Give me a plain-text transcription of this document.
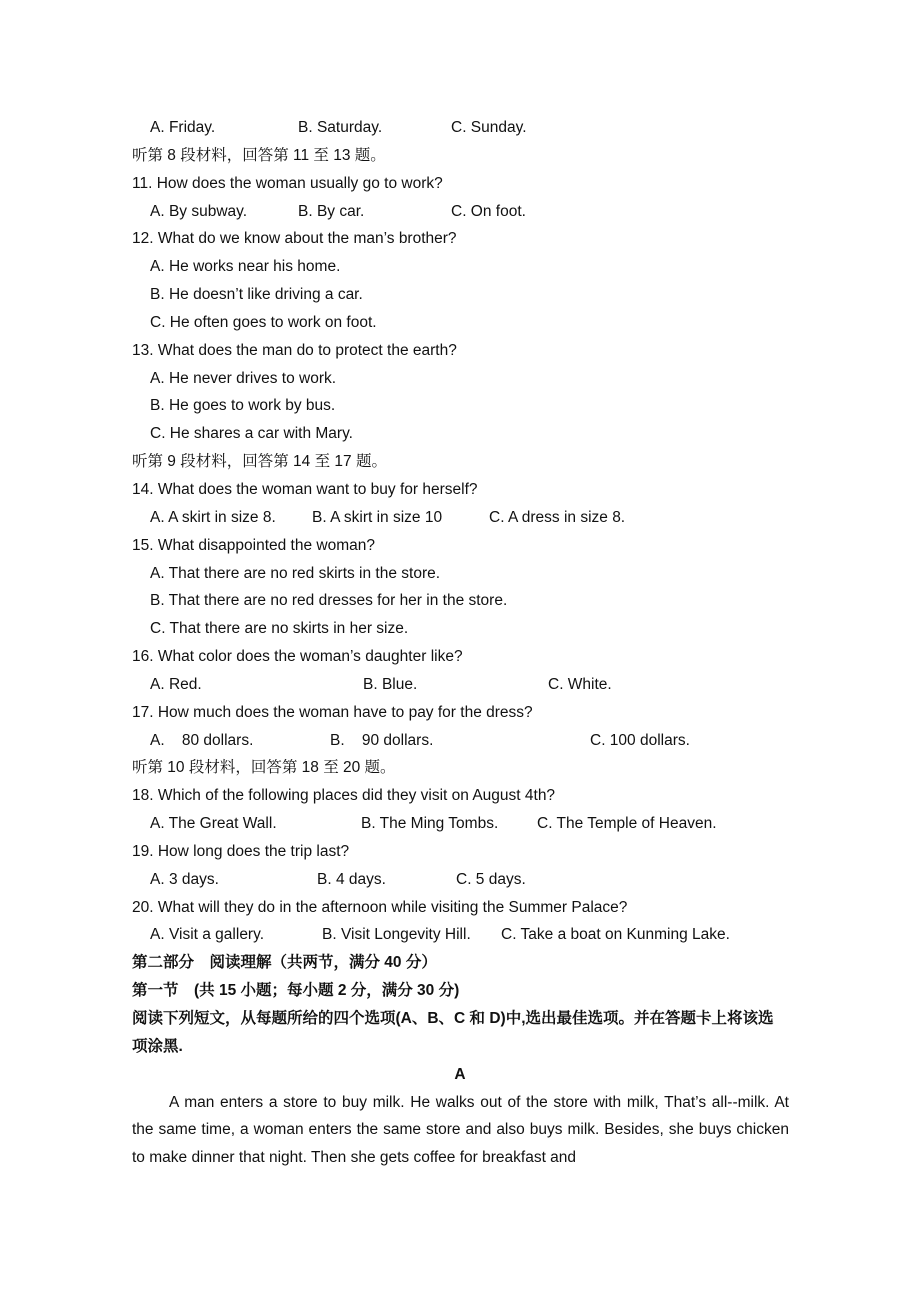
A. Friday.	B. Saturday.	C. Sunday.
听第 8 段材料，回答第 11 至 13 题。
11. How does the woman usually go to work?
A. By subway.	B. By car.	C. On foot.
12. What do we know about the man’s brother?
A. He works near his home.
B. He doesn’t like driving a car.
C. He often goes to work on foot.
13. What does the man do to protect the earth?
A. He never drives to work.
B. He goes to work by bus.
C. He shares a car with Mary.
听第 9 段材料，回答第 14 至 17 题。
14. What does the woman want to buy for herself?
A. A skirt in size 8. B. A skirt in size 10	C. A dress in size 8.
15. What disappointed the woman?
A. That there are no red skirts in the store.
B. That there are no red dresses for her in the store.
C. That there are no skirts in her size.
16. What color does the woman’s daughter like?
A. Red.	B. Blue.	C. White.
17. How much does the woman have to pay for the dress?
A.    80 dollars.	B.    90 dollars.	C. 100 dollars.
听第 10 段材料，回答第 18 至 20 题。
18. Which of the following places did they visit on August 4th?
A. The Great Wall.	B. The Ming Tombs. C. The Temple of Heaven.
19. How long does the trip last?
A. 3 days.	B. 4 days.	C. 5 days.
20. What will they do in the afternoon while visiting the Summer Palace?
A. Visit a gallery.	B. Visit Longevity Hill. C. Take a boat on Kunming Lake.
第二部分　阅读理解（共两节，满分 40 分）
第一节　(共 15 小题；每小题 2 分，满分 30 分)
阅读下列短文，从每题所给的四个选项(A、B、C 和 D)中,选出最佳选项。并在答题卡上将该选项涂黑.
A
A man enters a store to buy milk. He walks out of the store with milk, That’s all--milk. At the same time, a woman enters the same store and also buys milk. Besides, she buys chicken to make dinner that night. Then she gets coffee for breakfast and
